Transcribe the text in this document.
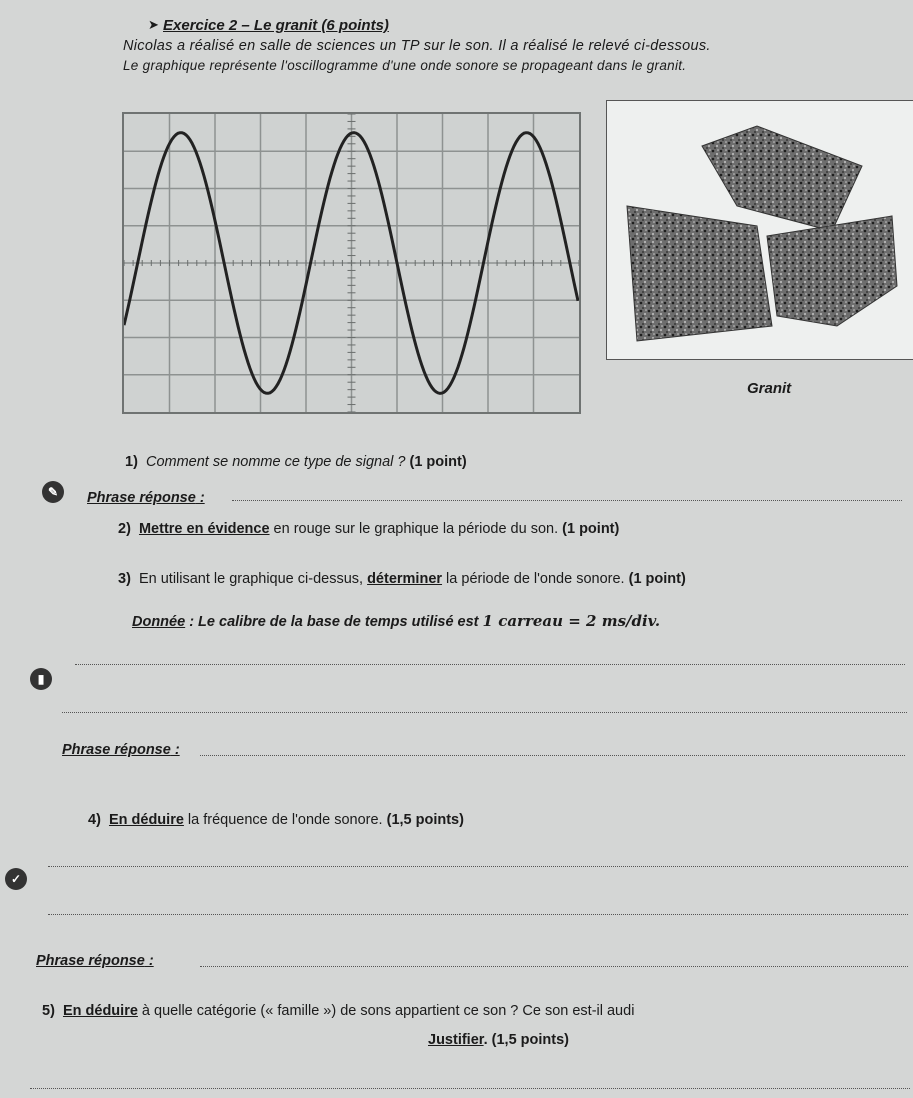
➤ Exercice 2 – Le granit (6 points)
Nicolas a réalisé en salle de sciences un TP sur le son. Il a réalisé le relevé ci-dessous.
Le graphique représente l'oscillogramme d'une onde sonore se propageant dans le granit.
Granit
1) Comment se nomme ce type de signal ? (1 point)
✎	Phrase réponse :
2) Mettre en évidence en rouge sur le graphique la période du son. (1 point)
3) En utilisant le graphique ci-dessus, déterminer la période de l'onde sonore. (1 point)
Donnée : Le calibre de la base de temps utilisé est 1 carreau = 2 ms/div.
▮
Phrase réponse :
4) En déduire la fréquence de l'onde sonore. (1,5 points)
✓
Phrase réponse :
5) En déduire à quelle catégorie (« famille ») de sons appartient ce son ? Ce son est-il audi
Justifier. (1,5 points)
